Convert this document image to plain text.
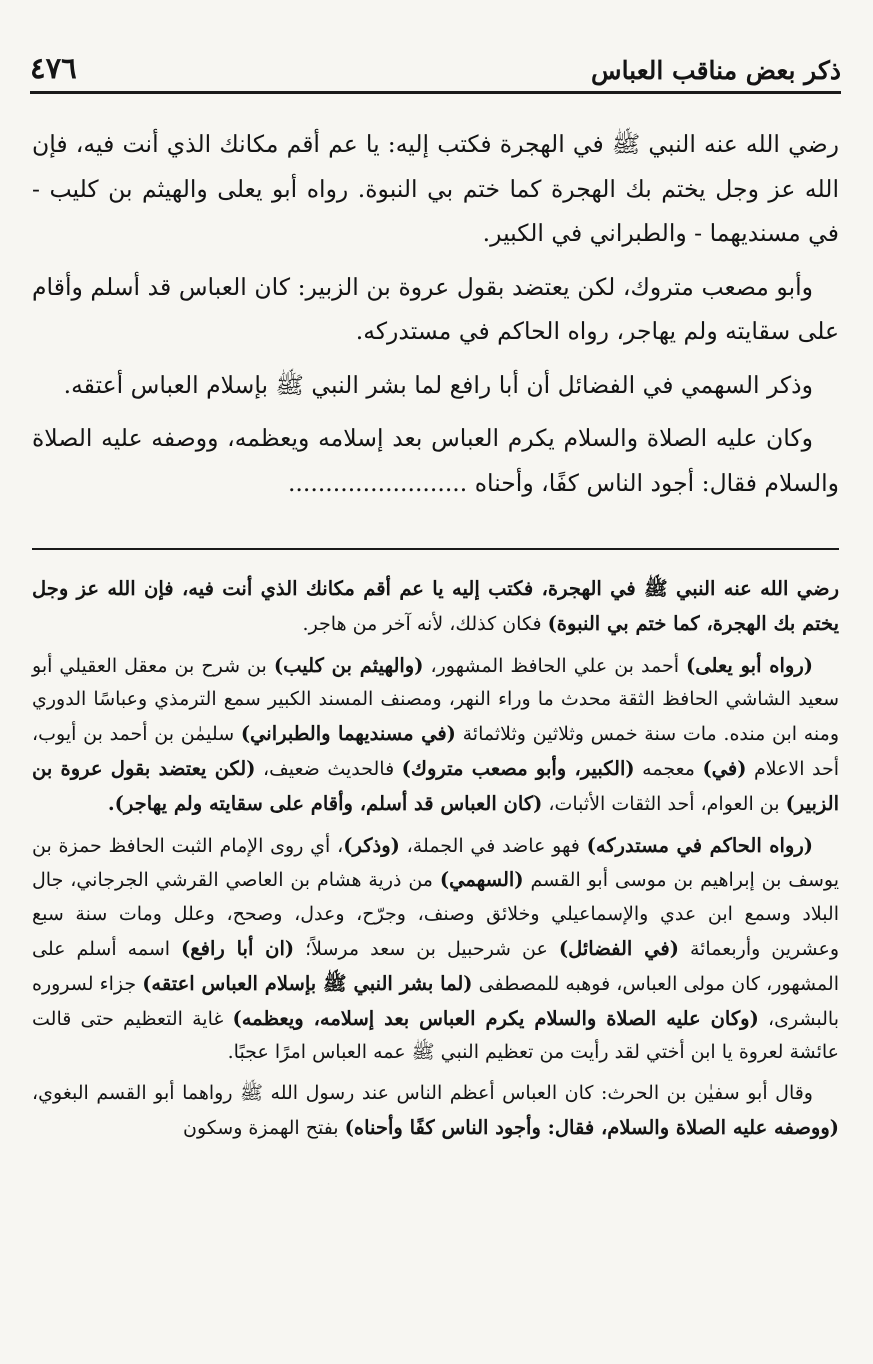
ذكر بعض مناقب العباس
٤٧٦

رضي الله عنه النبي ﷺ في الهجرة فكتب إليه: يا عم أقم مكانك الذي أنت فيه، فإن الله عز وجل يختم بك الهجرة كما ختم بي النبوة. رواه أبو يعلى والهيثم بن كليب - في مسنديهما - والطبراني في الكبير.

وأبو مصعب متروك، لكن يعتضد بقول عروة بن الزبير: كان العباس قد أسلم وأقام على سقايته ولم يهاجر، رواه الحاكم في مستدركه.

وذكر السهمي في الفضائل أن أبا رافع لما بشر النبي ﷺ بإسلام العباس أعتقه.

وكان عليه الصلاة والسلام يكرم العباس بعد إسلامه ويعظمه، ووصفه عليه الصلاة والسلام فقال: أجود الناس كفًا، وأحناه ........................

رضي الله عنه النبي ﷺ في الهجرة، فكتب إليه يا عم أقم مكانك الذي أنت فيه، فإن الله عز وجل يختم بك الهجرة، كما ختم بي النبوة) فكان كذلك، لأنه آخر من هاجر.

(رواه أبو يعلى) أحمد بن علي الحافظ المشهور، (والهيثم بن كليب) بن شرح بن معقل العقيلي أبو سعيد الشاشي الحافظ الثقة محدث ما وراء النهر، ومصنف المسند الكبير سمع الترمذي وعباسًا الدوري ومنه ابن منده. مات سنة خمس وثلاثين وثلاثمائة (في مسنديهما والطبراني) سليمٰن بن أحمد بن أيوب، أحد الاعلام (في) معجمه (الكبير، وأبو مصعب متروك) فالحديث ضعيف، (لكن يعتضد بقول عروة بن الزبير) بن العوام، أحد الثقات الأثبات، (كان العباس قد أسلم، وأقام على سقايته ولم يهاجر).

(رواه الحاكم في مستدركه) فهو عاضد في الجملة، (وذكر)، أي روى الإمام الثبت الحافظ حمزة بن يوسف بن إبراهيم بن موسى أبو القسم (السهمي) من ذرية هشام بن العاصي القرشي الجرجاني، جال البلاد وسمع ابن عدي والإسماعيلي وخلائق وصنف، وجرّح، وعدل، وصحح، وعلل ومات سنة سبع وعشرين وأربعمائة (في الفضائل) عن شرحبيل بن سعد مرسلاً؛ (ان أبا رافع) اسمه أسلم على المشهور، كان مولى العباس، فوهبه للمصطفى (لما بشر النبي ﷺ بإسلام العباس اعتقه) جزاء لسروره بالبشرى، (وكان عليه الصلاة والسلام يكرم العباس بعد إسلامه، ويعظمه) غاية التعظيم حتى قالت عائشة لعروة يا ابن أختي لقد رأيت من تعظيم النبي ﷺ عمه العباس امرًا عجبًا.

وقال أبو سفيٰن بن الحرث: كان العباس أعظم الناس عند رسول الله ﷺ رواهما أبو القسم البغوي، (ووصفه عليه الصلاة والسلام، فقال: وأجود الناس كفًا وأحناه) بفتح الهمزة وسكون
